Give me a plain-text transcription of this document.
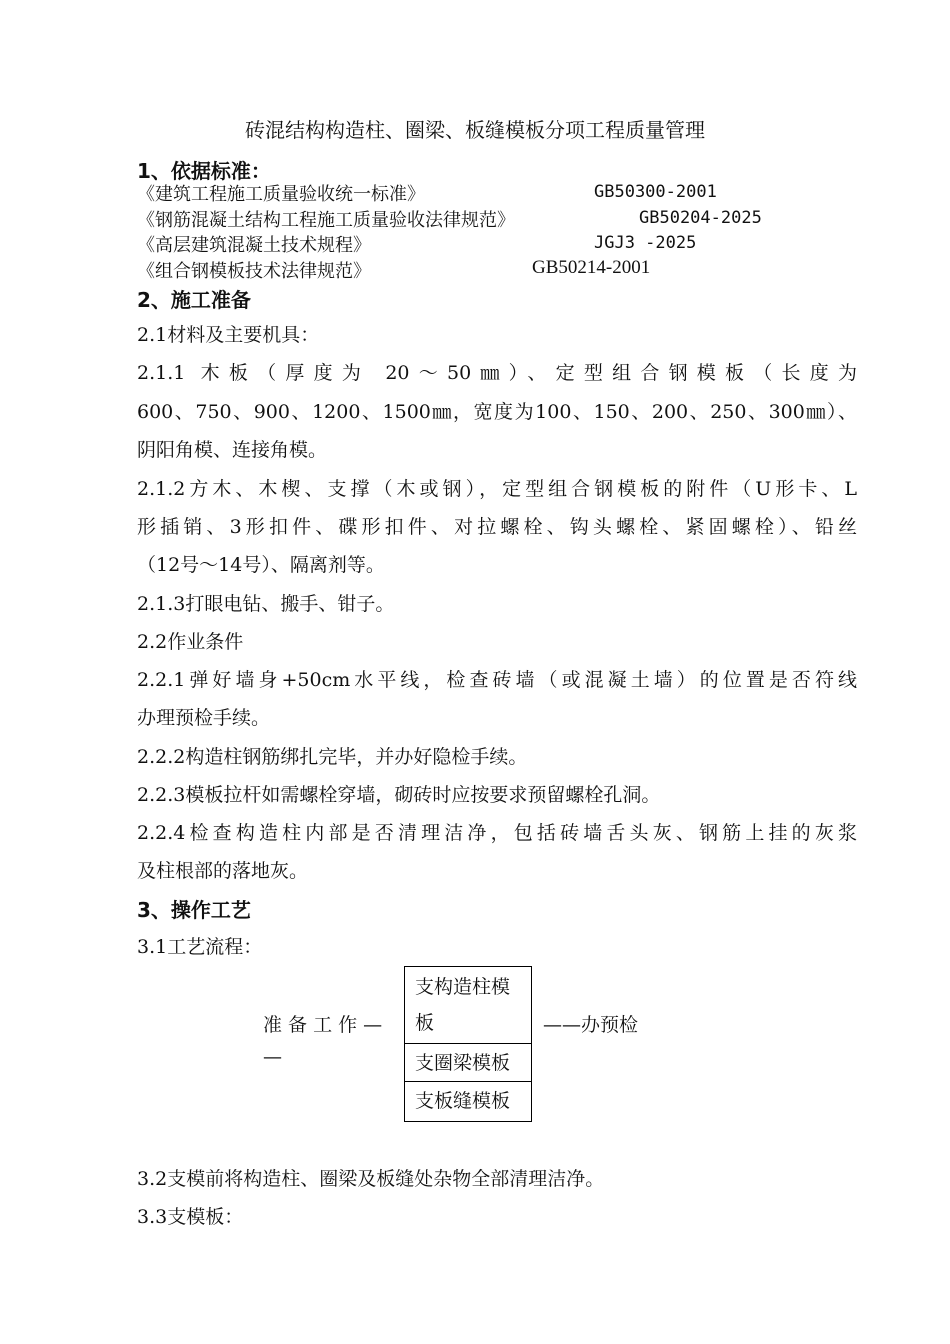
砖混结构构造柱、圈梁、板缝模板分项工程质量管理
1、依据标准：
《建筑工程施工质量验收统一标准》	GB50300-2001
《钢筋混凝土结构工程施工质量验收法律规范》	GB50204-2025
《高层建筑混凝土技术规程》	JGJ3 -2025
《组合钢模板技术法律规范》	GB50214-2001
2、施工准备
2.1材料及主要机具：
2.1.1 木板（厚度为 20～50㎜）、定型组合钢模板（长度为
600、750、900、1200、1500㎜，宽度为100、150、200、250、300㎜）、
阴阳角模、连接角模。
2.1.2方木、木楔、支撑（木或钢），定型组合钢模板的附件（U形卡、L
形插销、3形扣件、碟形扣件、对拉螺栓、钩头螺栓、紧固螺栓）、铅丝
（12号～14号）、隔离剂等。
2.1.3打眼电钻、搬手、钳子。
2.2作业条件
2.2.1弹好墙身+50cm水平线，检查砖墙（或混凝土墙）的位置是否符线
办理预检手续。
2.2.2构造柱钢筋绑扎完毕，并办好隐检手续。
2.2.3模板拉杆如需螺栓穿墙，砌砖时应按要求预留螺栓孔洞。
2.2.4检查构造柱内部是否清理洁净，包括砖墙舌头灰、钢筋上挂的灰浆
及柱根部的落地灰。
3、操作工艺
3.1工艺流程：
准 备 工 作 —
—
支构造柱模
板
支圈梁模板
支板缝模板
——办预检
3.2支模前将构造柱、圈梁及板缝处杂物全部清理洁净。
3.3支模板：
